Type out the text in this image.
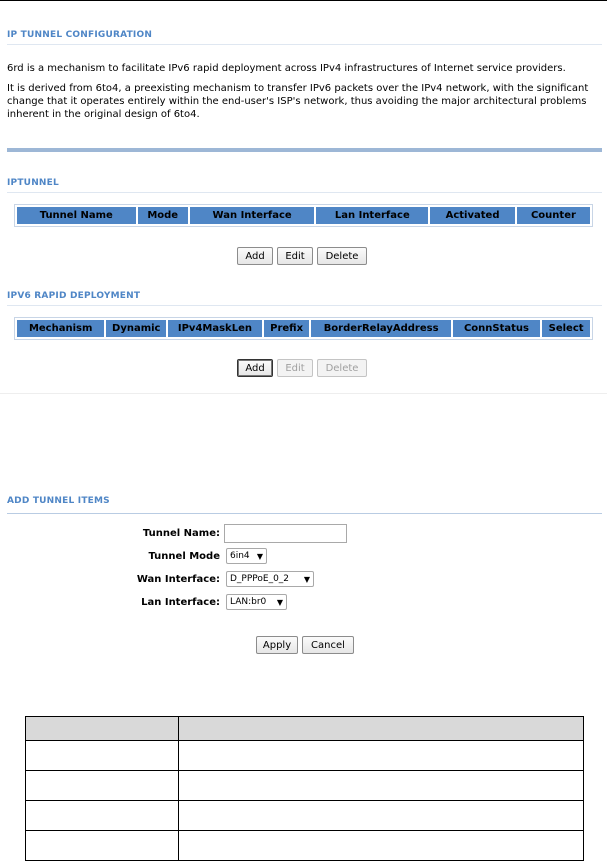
IP TUNNEL CONFIGURATION
6rd is a mechanism to facilitate IPv6 rapid deployment across IPv4 infrastructures of Internet service providers.
It is derived from 6to4, a preexisting mechanism to transfer IPv6 packets over the IPv4 network, with the significant change that it operates entirely within the end-user's ISP's network, thus avoiding the major architectural problems inherent in the original design of 6to4.
IPTUNNEL
Tunnel Name	Mode	Wan Interface	Lan Interface	Activated	Counter
Add	Edit	Delete
IPV6 RAPID DEPLOYMENT
Mechanism	Dynamic	IPv4MaskLen	Prefix	BorderRelayAddress	ConnStatus	Select
Add	Edit	Delete
ADD TUNNEL ITEMS
Tunnel Name:
Tunnel Mode 6in4 ▼
Wan Interface: D_PPPoE_0_2 ▼
Lan Interface: LAN:br0 ▼
Apply	Cancel
